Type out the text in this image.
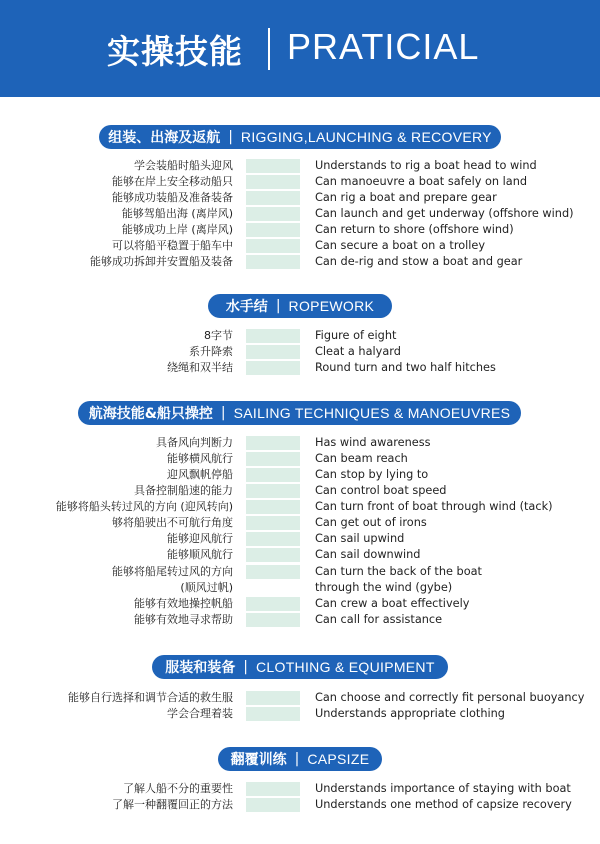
实操技能 PRATICIAL
组装、出海及返航 | RIGGING,LAUNCHING & RECOVERY
学会装船时船头迎风	Understands to rig a boat head to wind
能够在岸上安全移动船只	Can manoeuvre a boat safely on land
能够成功装船及准备装备	Can rig a boat and prepare gear
能够驾船出海 (离岸风)	Can launch and get underway (offshore wind)
能够成功上岸 (离岸风)	Can return to shore (offshore wind)
可以将船平稳置于船车中	Can secure a boat on a trolley
能够成功拆卸并安置船及装备	Can de-rig and stow a boat and gear
水手结 | ROPEWORK
8字节	Figure of eight
系升降索	Cleat a halyard
绕绳和双半结	Round turn and two half hitches
航海技能&船只操控 | SAILING TECHNIQUES & MANOEUVRES
具备风向判断力	Has wind awareness
能够横风航行	Can beam reach
迎风飘帆停船	Can stop by lying to
具备控制船速的能力	Can control boat speed
能够将船头转过风的方向 (迎风转向)	Can turn front of boat through wind (tack)
够将船驶出不可航行角度	Can get out of irons
能够迎风航行	Can sail upwind
能够顺风航行	Can sail downwind
能够将船尾转过风的方向	Can turn the back of the boat
(顺风过帆)	through the wind (gybe)
能够有效地操控帆船	Can crew a boat effectively
能够有效地寻求帮助	Can call for assistance
服装和装备 | CLOTHING & EQUIPMENT
能够自行选择和调节合适的救生服	Can choose and correctly fit personal buoyancy
学会合理着装	Understands appropriate clothing
翻覆训练 | CAPSIZE
了解人船不分的重要性	Understands importance of staying with boat
了解一种翻覆回正的方法	Understands one method of capsize recovery
